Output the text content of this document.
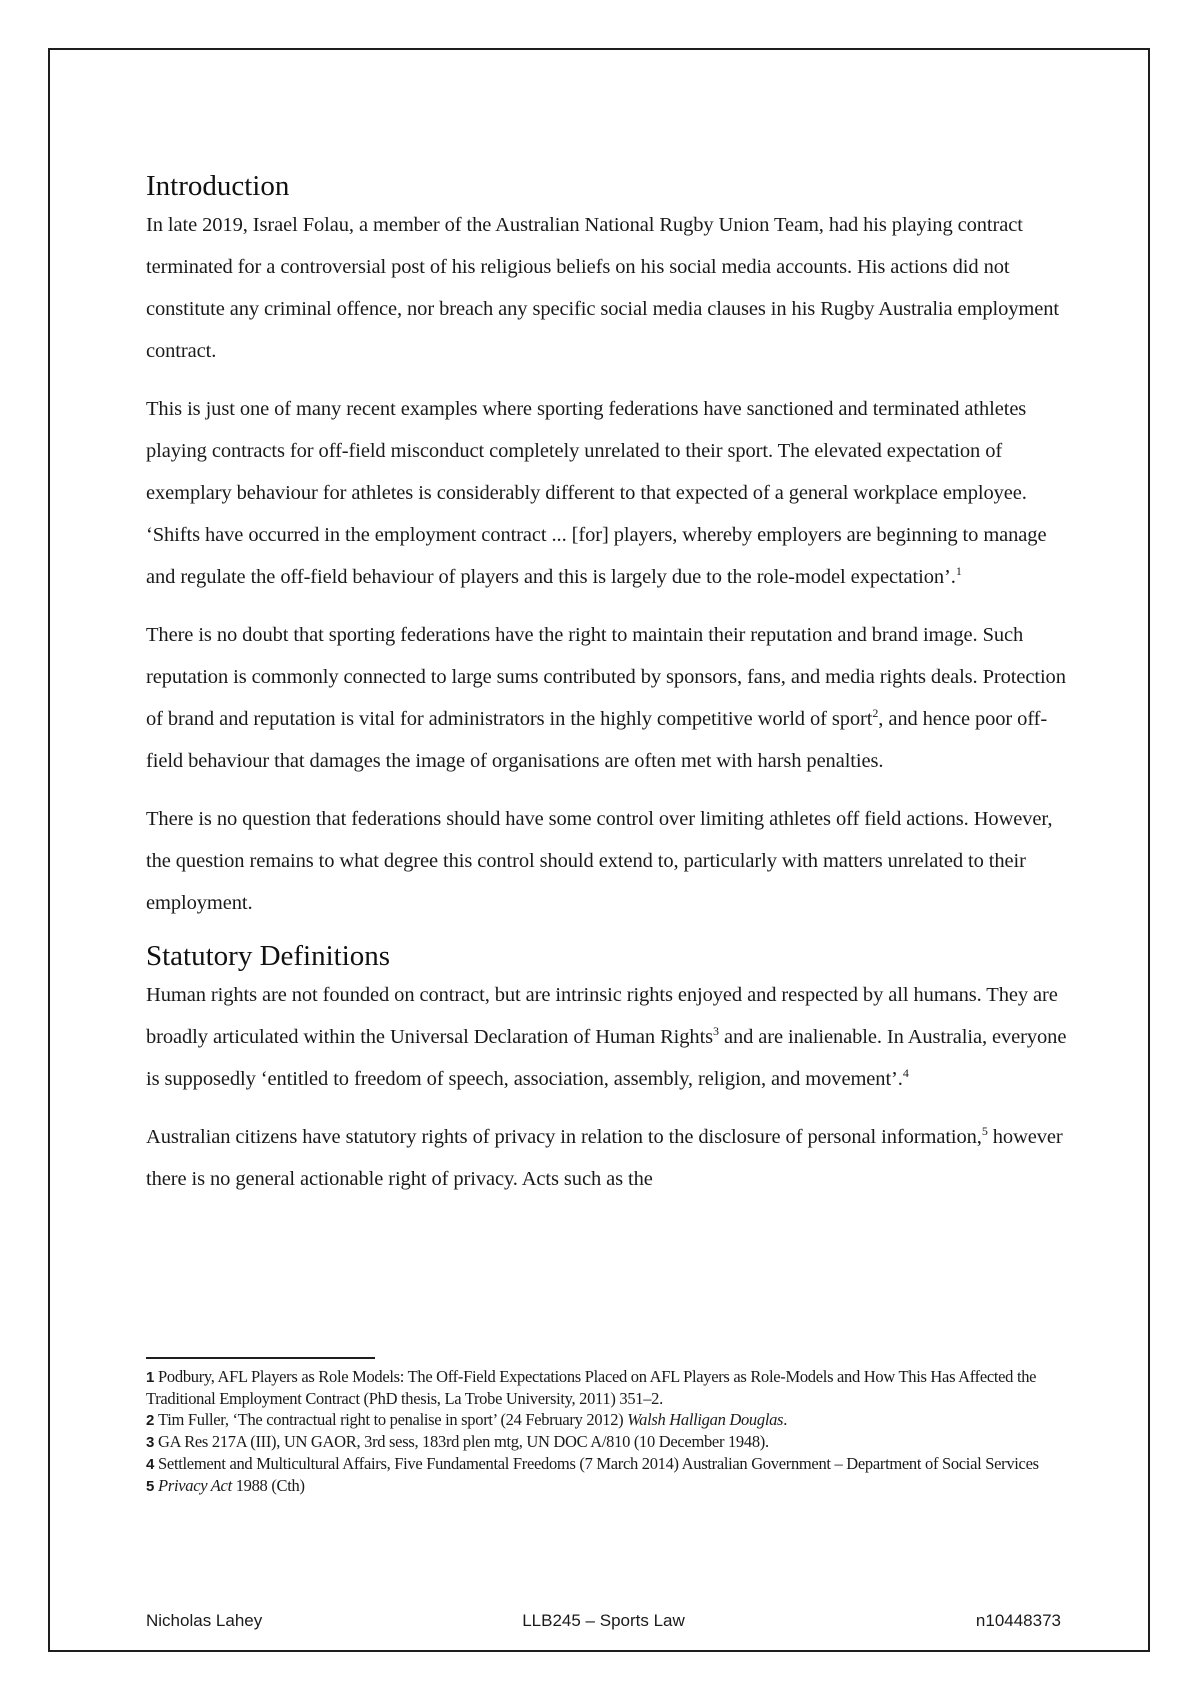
Introduction

In late 2019, Israel Folau, a member of the Australian National Rugby Union Team, had his playing contract terminated for a controversial post of his religious beliefs on his social media accounts. His actions did not constitute any criminal offence, nor breach any specific social media clauses in his Rugby Australia employment contract.

This is just one of many recent examples where sporting federations have sanctioned and terminated athletes playing contracts for off-field misconduct completely unrelated to their sport. The elevated expectation of exemplary behaviour for athletes is considerably different to that expected of a general workplace employee. ‘Shifts have occurred in the employment contract ... [for] players, whereby employers are beginning to manage and regulate the off-field behaviour of players and this is largely due to the role-model expectation’.$^1$

There is no doubt that sporting federations have the right to maintain their reputation and brand image. Such reputation is commonly connected to large sums contributed by sponsors, fans, and media rights deals. Protection of brand and reputation is vital for administrators in the highly competitive world of sport$^2$, and hence poor off-field behaviour that damages the image of organisations are often met with harsh penalties.

There is no question that federations should have some control over limiting athletes off field actions. However, the question remains to what degree this control should extend to, particularly with matters unrelated to their employment.

Statutory Definitions

Human rights are not founded on contract, but are intrinsic rights enjoyed and respected by all humans. They are broadly articulated within the Universal Declaration of Human Rights$^3$ and are inalienable. In Australia, everyone is supposedly ‘entitled to freedom of speech, association, assembly, religion, and movement’.$^4$

Australian citizens have statutory rights of privacy in relation to the disclosure of personal information,$^5$ however there is no general actionable right of privacy. Acts such as the

1 Podbury, AFL Players as Role Models: The Off-Field Expectations Placed on AFL Players as Role-Models and How This Has Affected the Traditional Employment Contract (PhD thesis, La Trobe University, 2011) 351–2.

2 Tim Fuller, ‘The contractual right to penalise in sport’ (24 February 2012) Walsh Halligan Douglas.

3 GA Res 217A (III), UN GAOR, 3rd sess, 183rd plen mtg, UN DOC A/810 (10 December 1948).

4 Settlement and Multicultural Affairs, Five Fundamental Freedoms (7 March 2014) Australian Government – Department of Social Services

5 Privacy Act 1988 (Cth)

Nicholas Lahey	LLB245 – Sports Law	n10448373
